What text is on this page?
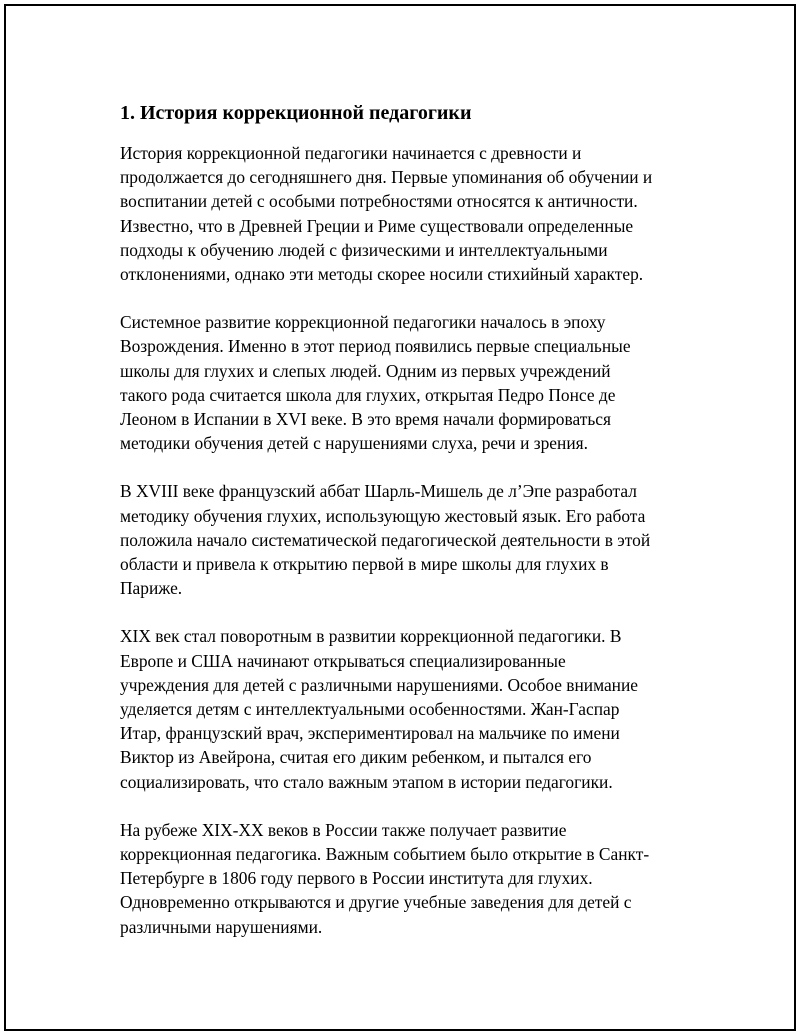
1. История коррекционной педагогики

История коррекционной педагогики начинается с древности и
продолжается до сегодняшнего дня. Первые упоминания об обучении и
воспитании детей с особыми потребностями относятся к античности.
Известно, что в Древней Греции и Риме существовали определенные
подходы к обучению людей с физическими и интеллектуальными
отклонениями, однако эти методы скорее носили стихийный характер.

Системное развитие коррекционной педагогики началось в эпоху
Возрождения. Именно в этот период появились первые специальные
школы для глухих и слепых людей. Одним из первых учреждений
такого рода считается школа для глухих, открытая Педро Понсе де
Леоном в Испании в XVI веке. В это время начали формироваться
методики обучения детей с нарушениями слуха, речи и зрения.

В XVIII веке французский аббат Шарль-Мишель де л’Эпе разработал
методику обучения глухих, использующую жестовый язык. Его работа
положила начало систематической педагогической деятельности в этой
области и привела к открытию первой в мире школы для глухих в
Париже.

XIX век стал поворотным в развитии коррекционной педагогики. В
Европе и США начинают открываться специализированные
учреждения для детей с различными нарушениями. Особое внимание
уделяется детям с интеллектуальными особенностями. Жан-Гаспар
Итар, французский врач, экспериментировал на мальчике по имени
Виктор из Авейрона, считая его диким ребенком, и пытался его
социализировать, что стало важным этапом в истории педагогики.

На рубеже XIX-XX веков в России также получает развитие
коррекционная педагогика. Важным событием было открытие в Санкт-
Петербурге в 1806 году первого в России института для глухих.
Одновременно открываются и другие учебные заведения для детей с
различными нарушениями.
